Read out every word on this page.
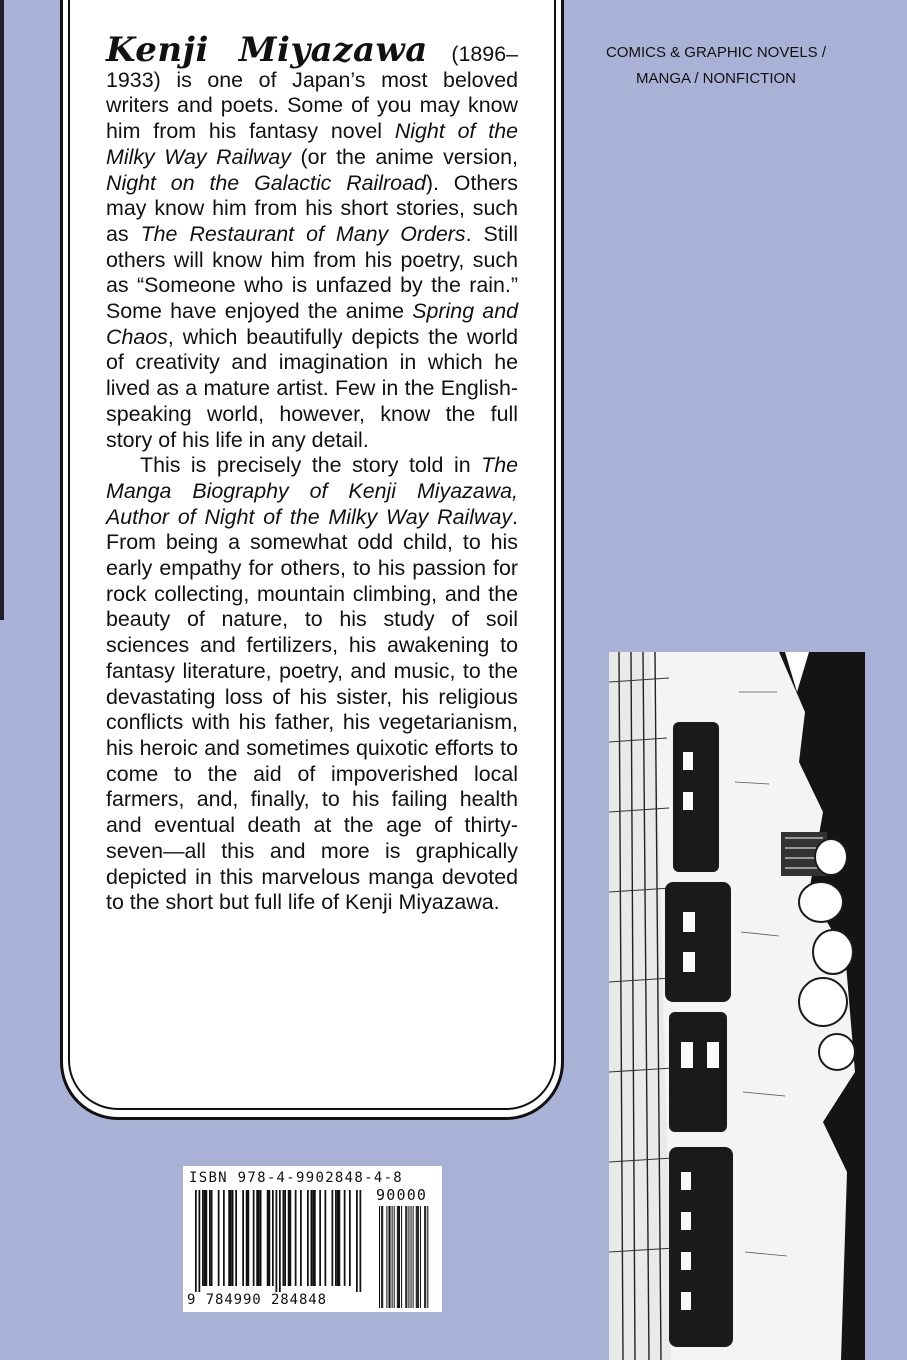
Kenji Miyazawa (1896–1933) is one of Japan’s most beloved writers and poets. Some of you may know him from his fantasy novel Night of the Milky Way Railway (or the anime version, Night on the Galactic Railroad). Others may know him from his short stories, such as The Restaurant of Many Orders. Still others will know him from his poetry, such as “Someone who is unfazed by the rain.” Some have enjoyed the anime Spring and Chaos, which beautifully depicts the world of creativity and imagination in which he lived as a mature artist. Few in the English-speaking world, however, know the full story of his life in any detail.

This is precisely the story told in The Manga Biography of Kenji Miyazawa, Author of Night of the Milky Way Railway. From being a somewhat odd child, to his early empathy for others, to his passion for rock collecting, mountain climbing, and the beauty of nature, to his study of soil sciences and fertilizers, his awakening to fantasy literature, poetry, and music, to the devastating loss of his sister, his religious conflicts with his father, his vegetarianism, his heroic and sometimes quixotic efforts to come to the aid of impoverished local farmers, and, finally, to his failing health and eventual death at the age of thirty-seven—all this and more is graphically depicted in this marvelous manga devoted to the short but full life of Kenji Miyazawa.

COMICS & GRAPHIC NOVELS /
MANGA / NONFICTION
ISBN 978-4-9902848-4-8
90000
9 784990 284848
